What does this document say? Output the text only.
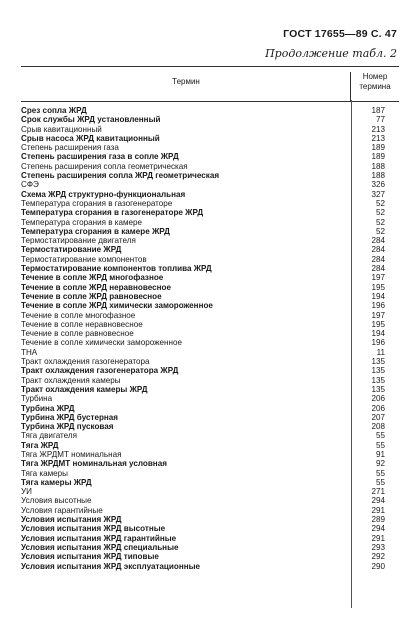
ГОСТ 17655—89 С. 47
Продолжение табл. 2
Термин
Номер термина
Срез сопла ЖРД	187
Срок службы ЖРД установленный	77
Срыв кавитационный	213
Срыв насоса ЖРД кавитационный	213
Степень расширения газа	189
Степень расширения газа в сопле ЖРД	189
Степень расширения сопла геометрическая	188
Степень расширения сопла ЖРД геометрическая	188
СФЭ	326
Схема ЖРД структурно-функциональная	327
Температура сгорания в газогенераторе	52
Температура сгорания в газогенераторе ЖРД	52
Температура сгорания в камере	52
Температура сгорания в камере ЖРД	52
Термостатирование двигателя	284
Термостатирование ЖРД	284
Термостатирование компонентов	284
Термостатирование компонентов топлива ЖРД	284
Течение в сопле ЖРД многофазное	197
Течение в сопле ЖРД неравновесное	195
Течение в сопле ЖРД равновесное	194
Течение в сопле ЖРД химически замороженное	196
Течение в сопле многофазное	197
Течение в сопле неравновесное	195
Течение в сопле равновесное	194
Течение в сопле химически замороженное	196
ТНА	11
Тракт охлаждения газогенератора	135
Тракт охлаждения газогенератора ЖРД	135
Тракт охлаждения камеры	135
Тракт охлаждения камеры ЖРД	135
Турбина	206
Турбина ЖРД	206
Турбина ЖРД бустерная	207
Турбина ЖРД пусковая	208
Тяга двигателя	55
Тяга ЖРД	55
Тяга ЖРДМТ номинальная	91
Тяга ЖРДМТ номинальная условная	92
Тяга камеры	55
Тяга камеры ЖРД	55
УИ	271
Условия высотные	294
Условия гарантийные	291
Условия испытания ЖРД	289
Условия испытания ЖРД высотные	294
Условия испытания ЖРД гарантийные	291
Условия испытания ЖРД специальные	293
Условия испытания ЖРД типовые	292
Условия испытания ЖРД эксплуатационные	290
